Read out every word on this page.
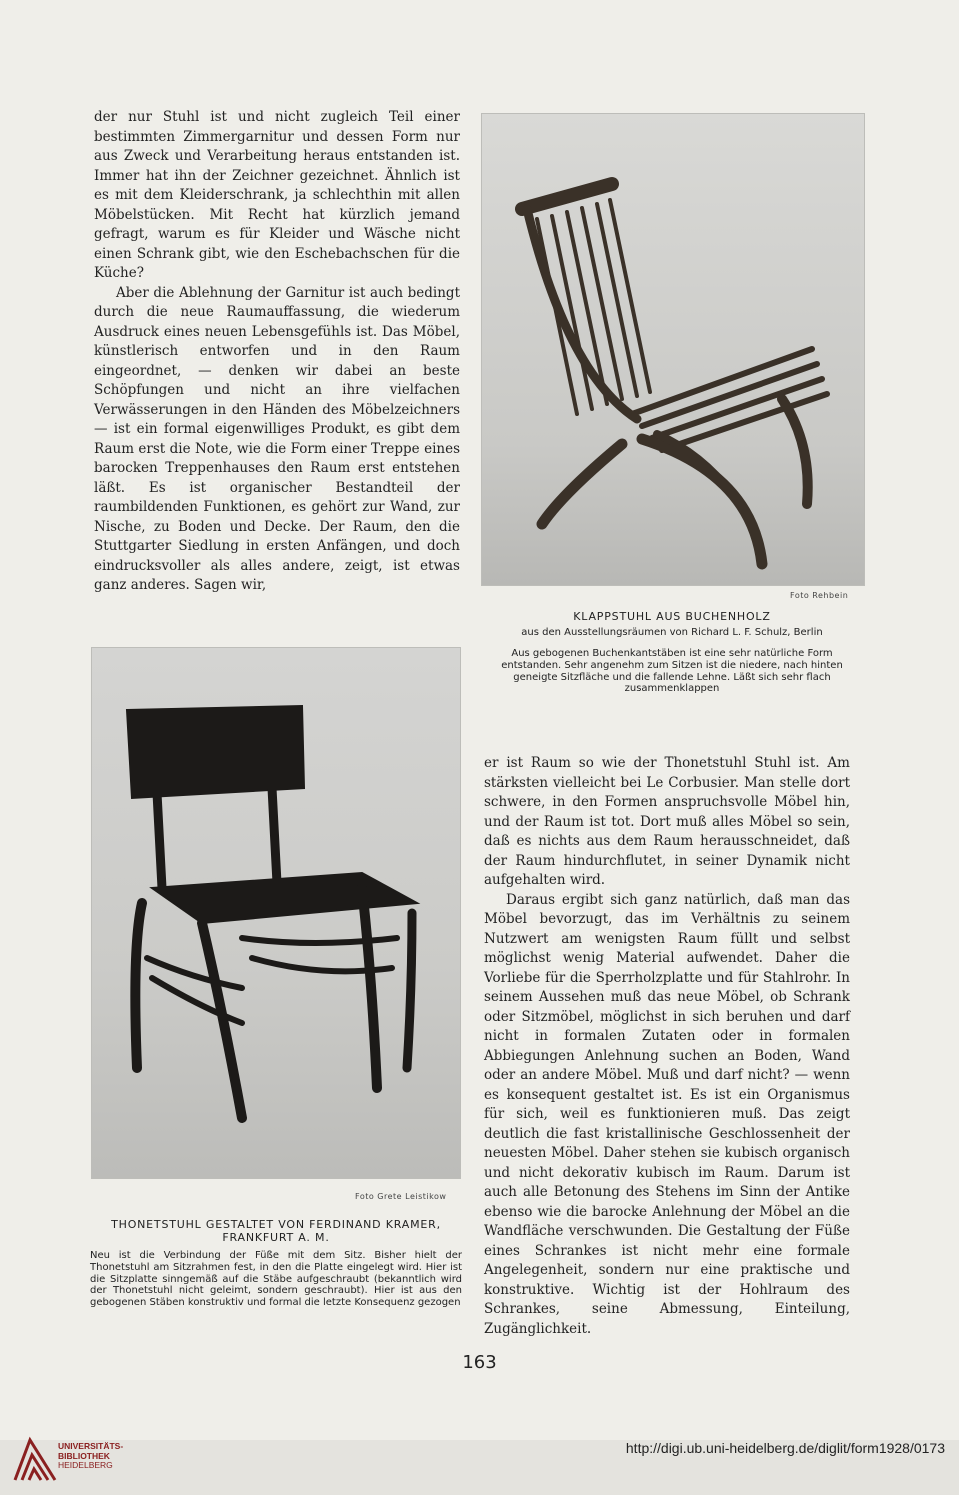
der nur Stuhl ist und nicht zugleich Teil einer bestimmten Zimmergarnitur und dessen Form nur aus Zweck und Verarbeitung heraus entstanden ist. Immer hat ihn der Zeichner gezeichnet. Ähnlich ist es mit dem Kleiderschrank, ja schlechthin mit allen Möbelstücken. Mit Recht hat kürzlich jemand gefragt, warum es für Kleider und Wäsche nicht einen Schrank gibt, wie den Eschebachschen für die Küche?

Aber die Ablehnung der Garnitur ist auch bedingt durch die neue Raumauffassung, die wiederum Ausdruck eines neuen Lebensgefühls ist. Das Möbel, künstlerisch entworfen und in den Raum eingeordnet, — denken wir dabei an beste Schöpfungen und nicht an ihre vielfachen Verwässerungen in den Händen des Möbelzeichners — ist ein formal eigenwilliges Produkt, es gibt dem Raum erst die Note, wie die Form einer Treppe eines barocken Treppenhauses den Raum erst entstehen läßt. Es ist organischer Bestandteil der raumbildenden Funktionen, es gehört zur Wand, zur Nische, zu Boden und Decke. Der Raum, den die Stuttgarter Siedlung in ersten Anfängen, und doch eindrucksvoller als alles andere, zeigt, ist etwas ganz anderes. Sagen wir,

Foto Rehbein
KLAPPSTUHL AUS BUCHENHOLZ
aus den Ausstellungsräumen von Richard L. F. Schulz, Berlin
Aus gebogenen Buchenkantstäben ist eine sehr natürliche Form entstanden. Sehr angenehm zum Sitzen ist die niedere, nach hinten geneigte Sitzfläche und die fallende Lehne. Läßt sich sehr flach zusammenklappen
Foto Grete Leistikow
THONETSTUHL GESTALTET VON FERDINAND KRAMER, FRANKFURT A. M.
Neu ist die Verbindung der Füße mit dem Sitz. Bisher hielt der Thonetstuhl am Sitzrahmen fest, in den die Platte eingelegt wird. Hier ist die Sitzplatte sinngemäß auf die Stäbe aufgeschraubt (bekanntlich wird der Thonetstuhl nicht geleimt, sondern geschraubt). Hier ist aus den gebogenen Stäben konstruktiv und formal die letzte Konsequenz gezogen

er ist Raum so wie der Thonetstuhl Stuhl ist. Am stärksten vielleicht bei Le Corbusier. Man stelle dort schwere, in den Formen anspruchsvolle Möbel hin, und der Raum ist tot. Dort muß alles Möbel so sein, daß es nichts aus dem Raum herausschneidet, daß der Raum hindurchflutet, in seiner Dynamik nicht aufgehalten wird.

Daraus ergibt sich ganz natürlich, daß man das Möbel bevorzugt, das im Verhältnis zu seinem Nutzwert am wenigsten Raum füllt und selbst möglichst wenig Material aufwendet. Daher die Vorliebe für die Sperrholzplatte und für Stahlrohr. In seinem Aussehen muß das neue Möbel, ob Schrank oder Sitzmöbel, möglichst in sich beruhen und darf nicht in formalen Zutaten oder in formalen Abbiegungen Anlehnung suchen an Boden, Wand oder an andere Möbel. Muß und darf nicht? — wenn es konsequent gestaltet ist. Es ist ein Organismus für sich, weil es funktionieren muß. Das zeigt deutlich die fast kristallinische Geschlossenheit der neuesten Möbel. Daher stehen sie kubisch organisch und nicht dekorativ kubisch im Raum. Darum ist auch alle Betonung des Stehens im Sinn der Antike ebenso wie die barocke Anlehnung der Möbel an die Wandfläche verschwunden. Die Gestaltung der Füße eines Schrankes ist nicht mehr eine formale Angelegenheit, sondern nur eine praktische und konstruktive. Wichtig ist der Hohlraum des Schrankes, seine Abmessung, Einteilung, Zugänglichkeit.

163
UNIVERSITÄTS-
BIBLIOTHEK
HEIDELBERG
http://digi.ub.uni-heidelberg.de/diglit/form1928/0173
